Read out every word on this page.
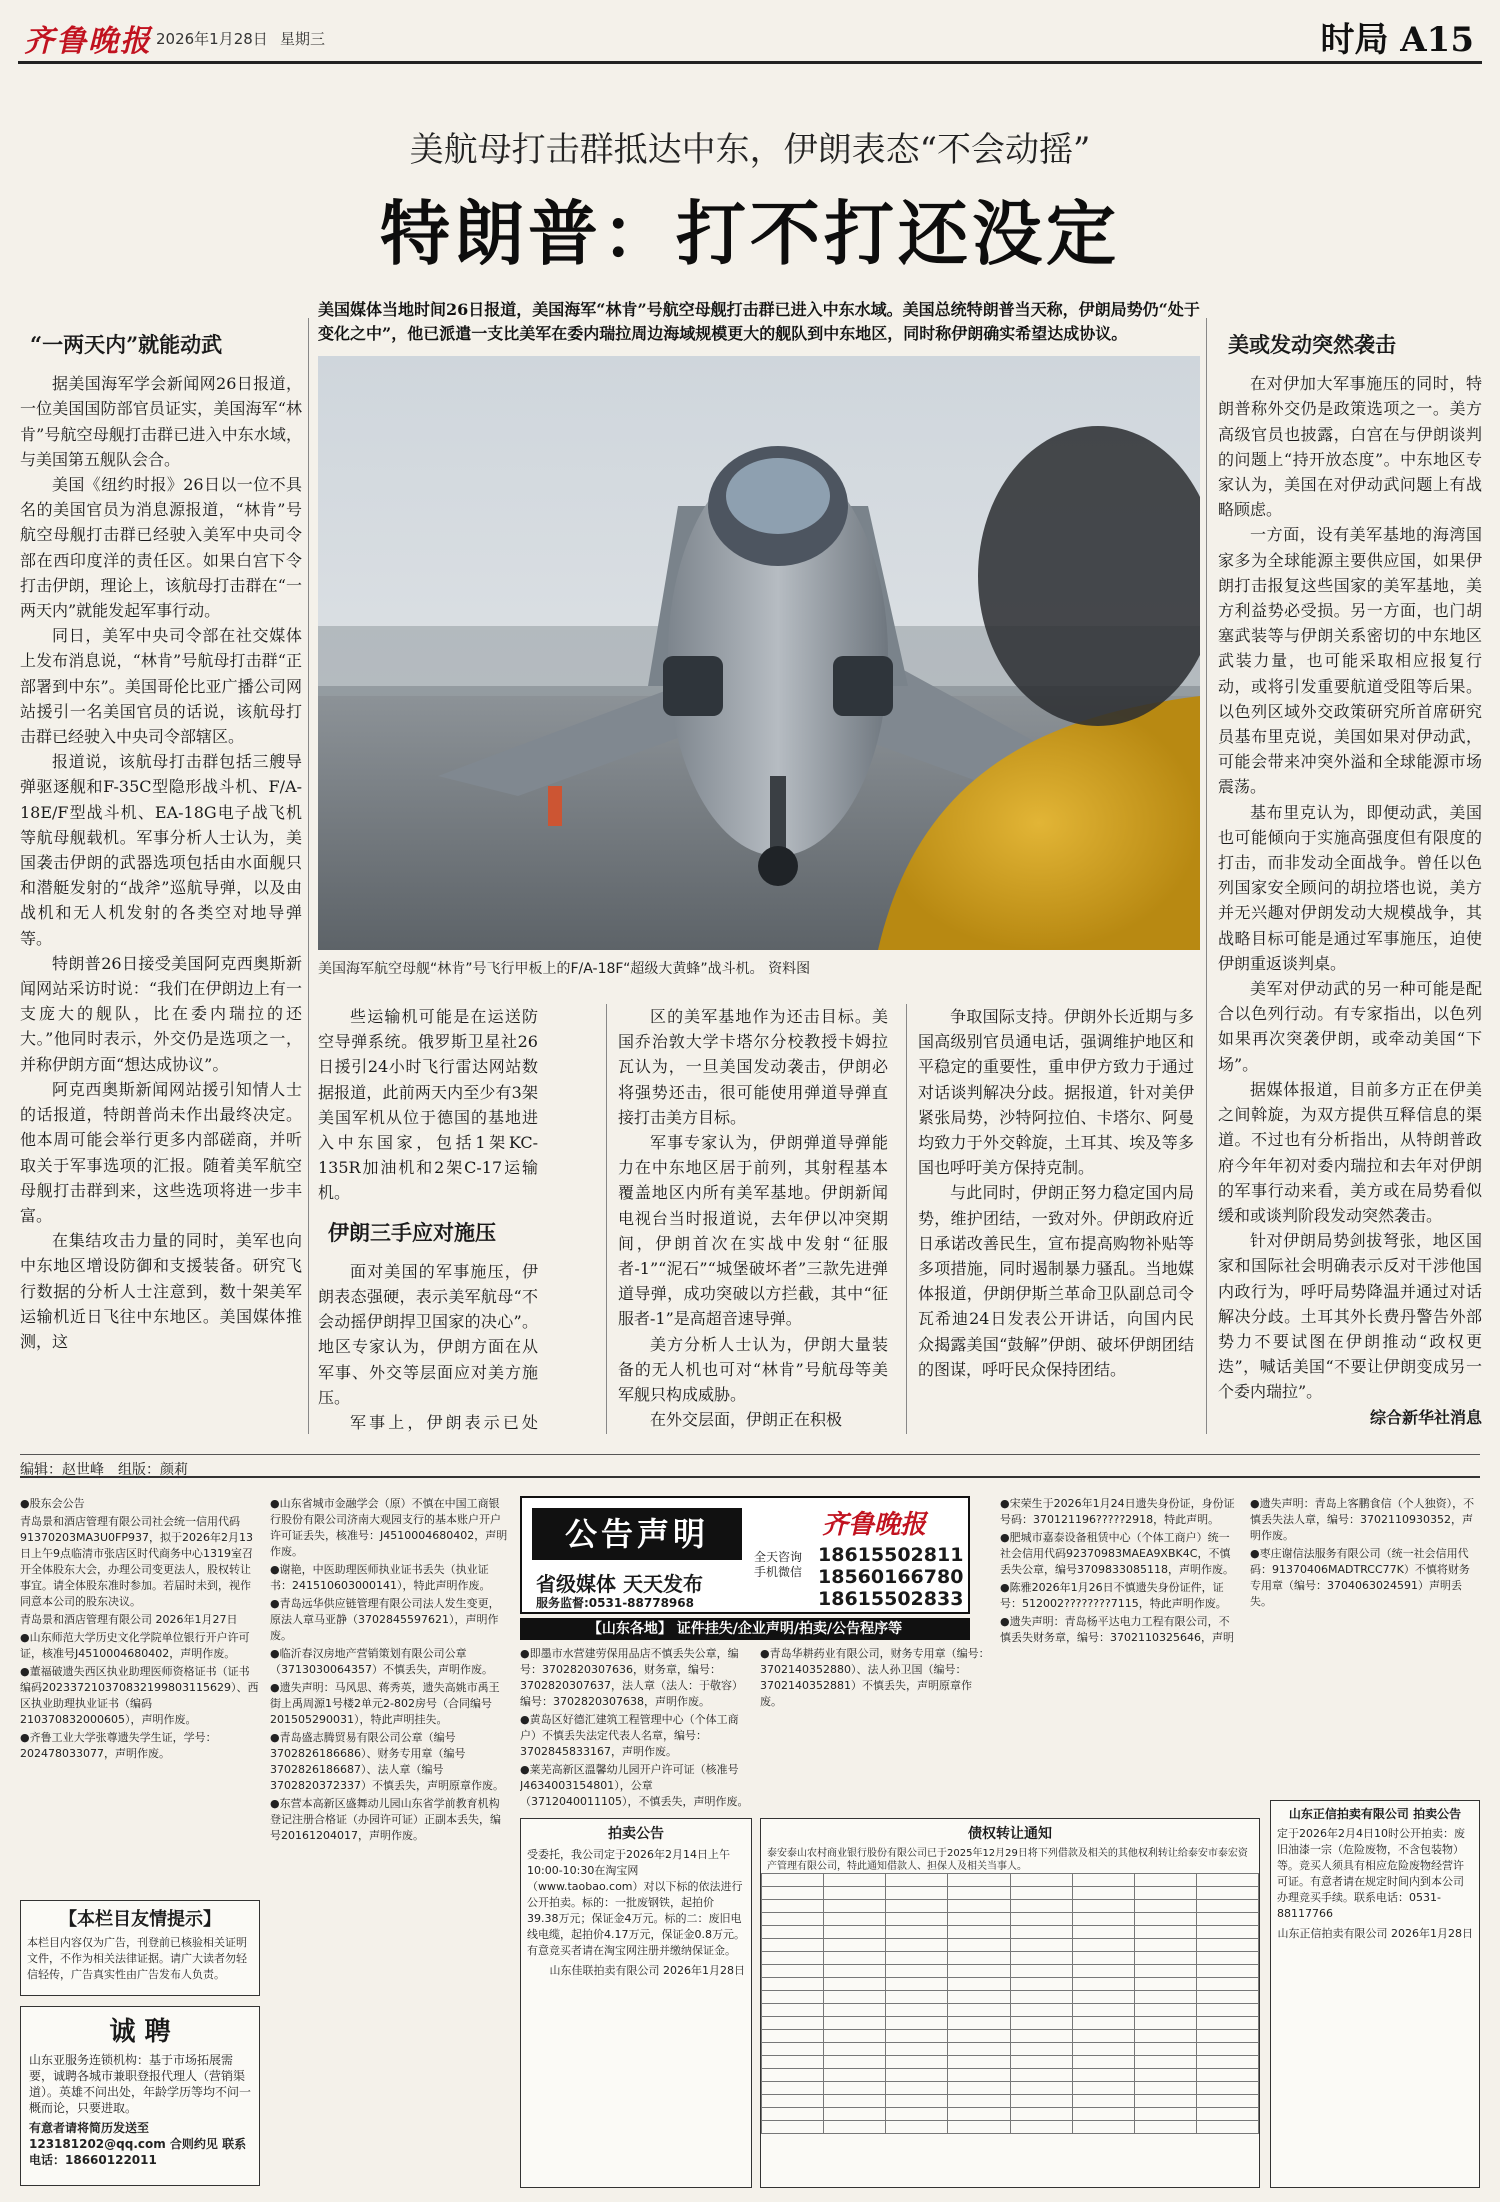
齐鲁晚报 2026年1月28日 星期三	时局 A15
美航母打击群抵达中东，伊朗表态“不会动摇”
特朗普：打不打还没定
美国媒体当地时间26日报道，美国海军“林肯”号航空母舰打击群已进入中东水域。美国总统特朗普当天称，伊朗局势仍“处于变化之中”，他已派遣一支比美军在委内瑞拉周边海域规模更大的舰队到中东地区，同时称伊朗确实希望达成协议。
“一两天内”就能动武

据美国海军学会新闻网26日报道，一位美国国防部官员证实，美国海军“林肯”号航空母舰打击群已进入中东水域，与美国第五舰队会合。

美国《纽约时报》26日以一位不具名的美国官员为消息源报道，“林肯”号航空母舰打击群已经驶入美军中央司令部在西印度洋的责任区。如果白宫下令打击伊朗，理论上，该航母打击群在“一两天内”就能发起军事行动。

同日，美军中央司令部在社交媒体上发布消息说，“林肯”号航母打击群“正部署到中东”。美国哥伦比亚广播公司网站援引一名美国官员的话说，该航母打击群已经驶入中央司令部辖区。

报道说，该航母打击群包括三艘导弹驱逐舰和F-35C型隐形战斗机、F/A-18E/F型战斗机、EA-18G电子战飞机等航母舰载机。军事分析人士认为，美国袭击伊朗的武器选项包括由水面舰只和潜艇发射的“战斧”巡航导弹，以及由战机和无人机发射的各类空对地导弹等。

特朗普26日接受美国阿克西奥斯新闻网站采访时说：“我们在伊朗边上有一支庞大的舰队，比在委内瑞拉的还大。”他同时表示，外交仍是选项之一，并称伊朗方面“想达成协议”。

阿克西奥斯新闻网站援引知情人士的话报道，特朗普尚未作出最终决定。他本周可能会举行更多内部磋商，并听取关于军事选项的汇报。随着美军航空母舰打击群到来，这些选项将进一步丰富。

在集结攻击力量的同时，美军也向中东地区增设防御和支援装备。研究飞行数据的分析人士注意到，数十架美军运输机近日飞往中东地区。美国媒体推测，这

美国海军航空母舰“林肯”号飞行甲板上的F/A-18F“超级大黄蜂”战斗机。 资料图

些运输机可能是在运送防空导弹系统。俄罗斯卫星社26日援引24小时飞行雷达网站数据报道，此前两天内至少有3架美国军机从位于德国的基地进入中东国家，包括1架KC-135R加油机和2架C-17运输机。

伊朗三手应对施压

面对美国的军事施压，伊朗表态强硬，表示美军航母“不会动摇伊朗捍卫国家的决心”。地区专家认为，伊朗方面在从军事、外交等层面应对美方施压。

军事上，伊朗表示已处

区的美军基地作为还击目标。美国乔治敦大学卡塔尔分校教授卡姆拉瓦认为，一旦美国发动袭击，伊朗必将强势还击，很可能使用弹道导弹直接打击美方目标。

军事专家认为，伊朗弹道导弹能力在中东地区居于前列，其射程基本覆盖地区内所有美军基地。伊朗新闻电视台当时报道说，去年伊以冲突期间，伊朗首次在实战中发射“征服者-1”“泥石”“城堡破坏者”三款先进弹道导弹，成功突破以方拦截，其中“征服者-1”是高超音速导弹。

美方分析人士认为，伊朗大量装备的无人机也可对“林肯”号航母等美军舰只构成威胁。

在外交层面，伊朗正在积极

争取国际支持。伊朗外长近期与多国高级别官员通电话，强调维护地区和平稳定的重要性，重申伊方致力于通过对话谈判解决分歧。据报道，针对美伊紧张局势，沙特阿拉伯、卡塔尔、阿曼均致力于外交斡旋，土耳其、埃及等多国也呼吁美方保持克制。

与此同时，伊朗正努力稳定国内局势，维护团结，一致对外。伊朗政府近日承诺改善民生，宣布提高购物补贴等多项措施，同时遏制暴力骚乱。当地媒体报道，伊朗伊斯兰革命卫队副总司令瓦希迪24日发表公开讲话，向国内民众揭露美国“鼓解”伊朗、破坏伊朗团结的图谋，呼吁民众保持团结。

美或发动突然袭击

在对伊加大军事施压的同时，特朗普称外交仍是政策选项之一。美方高级官员也披露，白宫在与伊朗谈判的问题上“持开放态度”。中东地区专家认为，美国在对伊动武问题上有战略顾虑。

一方面，设有美军基地的海湾国家多为全球能源主要供应国，如果伊朗打击报复这些国家的美军基地，美方利益势必受损。另一方面，也门胡塞武装等与伊朗关系密切的中东地区武装力量，也可能采取相应报复行动，或将引发重要航道受阻等后果。以色列区域外交政策研究所首席研究员基布里克说，美国如果对伊动武，可能会带来冲突外溢和全球能源市场震荡。

基布里克认为，即便动武，美国也可能倾向于实施高强度但有限度的打击，而非发动全面战争。曾任以色列国家安全顾问的胡拉塔也说，美方并无兴趣对伊朗发动大规模战争，其战略目标可能是通过军事施压，迫使伊朗重返谈判桌。

美军对伊动武的另一种可能是配合以色列行动。有专家指出，以色列如果再次突袭伊朗，或牵动美国“下场”。

据媒体报道，目前多方正在伊美之间斡旋，为双方提供互释信息的渠道。不过也有分析指出，从特朗普政府今年年初对委内瑞拉和去年对伊朗的军事行动来看，美方或在局势看似缓和或谈判阶段发动突然袭击。

针对伊朗局势剑拔弩张，地区国家和国际社会明确表示反对干涉他国内政行为，呼吁局势降温并通过对话解决分歧。土耳其外长费丹警告外部势力不要试图在伊朗推动“政权更迭”，喊话美国“不要让伊朗变成另一个委内瑞拉”。

综合新华社消息

编辑：赵世峰　组版：颜莉

●股东会公告

青岛景和酒店管理有限公司社会统一信用代码91370203MA3U0FP937，拟于2026年2月13日上午9点临清市张店区时代商务中心1319室召开全体股东大会，办理公司变更法人，股权转让事宜。请全体股东准时参加。若届时未到，视作同意本公司的股东决议。

青岛景和酒店管理有限公司 2026年1月27日

●山东师范大学历史文化学院单位银行开户许可证，核准号J4510004680402，声明作废。

●董福破遗失西区执业助理医师资格证书（证书编码202337210370832199803115629）、西区执业助理执业证书（编码210370832000605），声明作废。

●齐鲁工业大学张尊遗失学生证，学号：202478033077，声明作废。

【本栏目友情提示】
本栏目内容仅为广告，刊登前已核验相关证明文件，不作为相关法律证据。请广大读者勿轻信轻传，广告真实性由广告发布人负责。
诚 聘
山东亚服务连锁机构：基于市场拓展需要，诚聘各城市兼职登报代理人（营销渠道）。英雄不问出处，年龄学历等均不问一概而论，只要进取。
有意者请将简历发送至123181202@qq.com 合则约见 联系电话：18660122011

●山东省城市金融学会（原）不慎在中国工商银行股份有限公司济南大观园支行的基本账户开户许可证丢失，核准号：J4510004680402，声明作废。

●谢艳，中医助理医师执业证书丢失（执业证书：241510603000141），特此声明作废。

●青岛远华供应链管理有限公司法人发生变更，原法人章马亚静（3702845597621），声明作废。

●临沂春汉房地产营销策划有限公司公章（3713030064357）不慎丢失，声明作废。

●遗失声明：马风思、蒋秀英，遗失高姚市禹王街上禹周源1号楼2单元2-802房号（合同编号201505290031），特此声明挂失。

●青岛盛志腾贸易有限公司公章（编号3702826186686）、财务专用章（编号3702826186687）、法人章（编号3702820372337）不慎丢失，声明原章作废。

●东营本高新区盛舞动儿园山东省学前教育机构登记注册合格证（办园许可证）正副本丢失，编号20161204017，声明作废。

公告声明
省级媒体 天天发布
服务监督:0531-88778968
齐鲁晚报
全天咨询 手机微信
18615502811
18560166780
18615502833
【山东各地】 证件挂失/企业声明/拍卖/公告程序等

●即墨市水营建劳保用品店不慎丢失公章，编号：3702820307636，财务章，编号：3702820307637，法人章（法人：于敬容）编号：3702820307638，声明作废。

●黄岛区好德汇建筑工程管理中心（个体工商户）不慎丢失法定代表人名章，编号：3702845833167，声明作废。

●莱芜高新区溫馨幼儿园开户许可证（核准号J4634003154801），公章（3712040011105），不慎丢失，声明作废。

●青岛华耕药业有限公司，财务专用章（编号：3702140352880）、法人孙卫国（编号：3702140352881）不慎丢失，声明原章作废。

●宋荣生于2026年1月24日遗失身份证，身份证号码：370121196?????2918，特此声明。

●肥城市嘉泰设备租赁中心（个体工商户）统一社会信用代码92370983MAEA9XBK4C，不慎丢失公章，编号3709833085118，声明作废。

●陈雅2026年1月26日不慎遗失身份证件，证号：512002????????7115，特此声明作废。

●遗失声明：青岛杨平达电力工程有限公司，不慎丢失财务章，编号：3702110325646，声明

●遗失声明：青岛上客鹏食信（个人独资），不慎丢失法人章，编号：3702110930352，声明作废。

●枣庄谢信法服务有限公司（统一社会信用代码：91370406MADTRCC77K）不慎将财务专用章（编号：3704063024591）声明丢失。

拍卖公告
受委托，我公司定于2026年2月14日上午10:00-10:30在淘宝网（www.taobao.com）对以下标的依法进行公开拍卖。标的：一批废钢铁，起拍价39.38万元；保证金4万元。标的二：废旧电线电缆，起拍价4.17万元，保证金0.8万元。有意竞买者请在淘宝网注册并缴纳保证金。
山东佳联拍卖有限公司 2026年1月28日
债权转让通知
泰安泰山农村商业银行股份有限公司已于2025年12月29日将下列借款及相关的其他权利转让给泰安市泰宏资产管理有限公司，特此通知借款人、担保人及相关当事人。

山东正信拍卖有限公司 拍卖公告
定于2026年2月4日10时公开拍卖：废旧油漆一宗（危险废物，不含包装物）等。竞买人须具有相应危险废物经营许可证。有意者请在规定时间内到本公司办理竞买手续。联系电话：0531-88117766
山东正信拍卖有限公司 2026年1月28日
